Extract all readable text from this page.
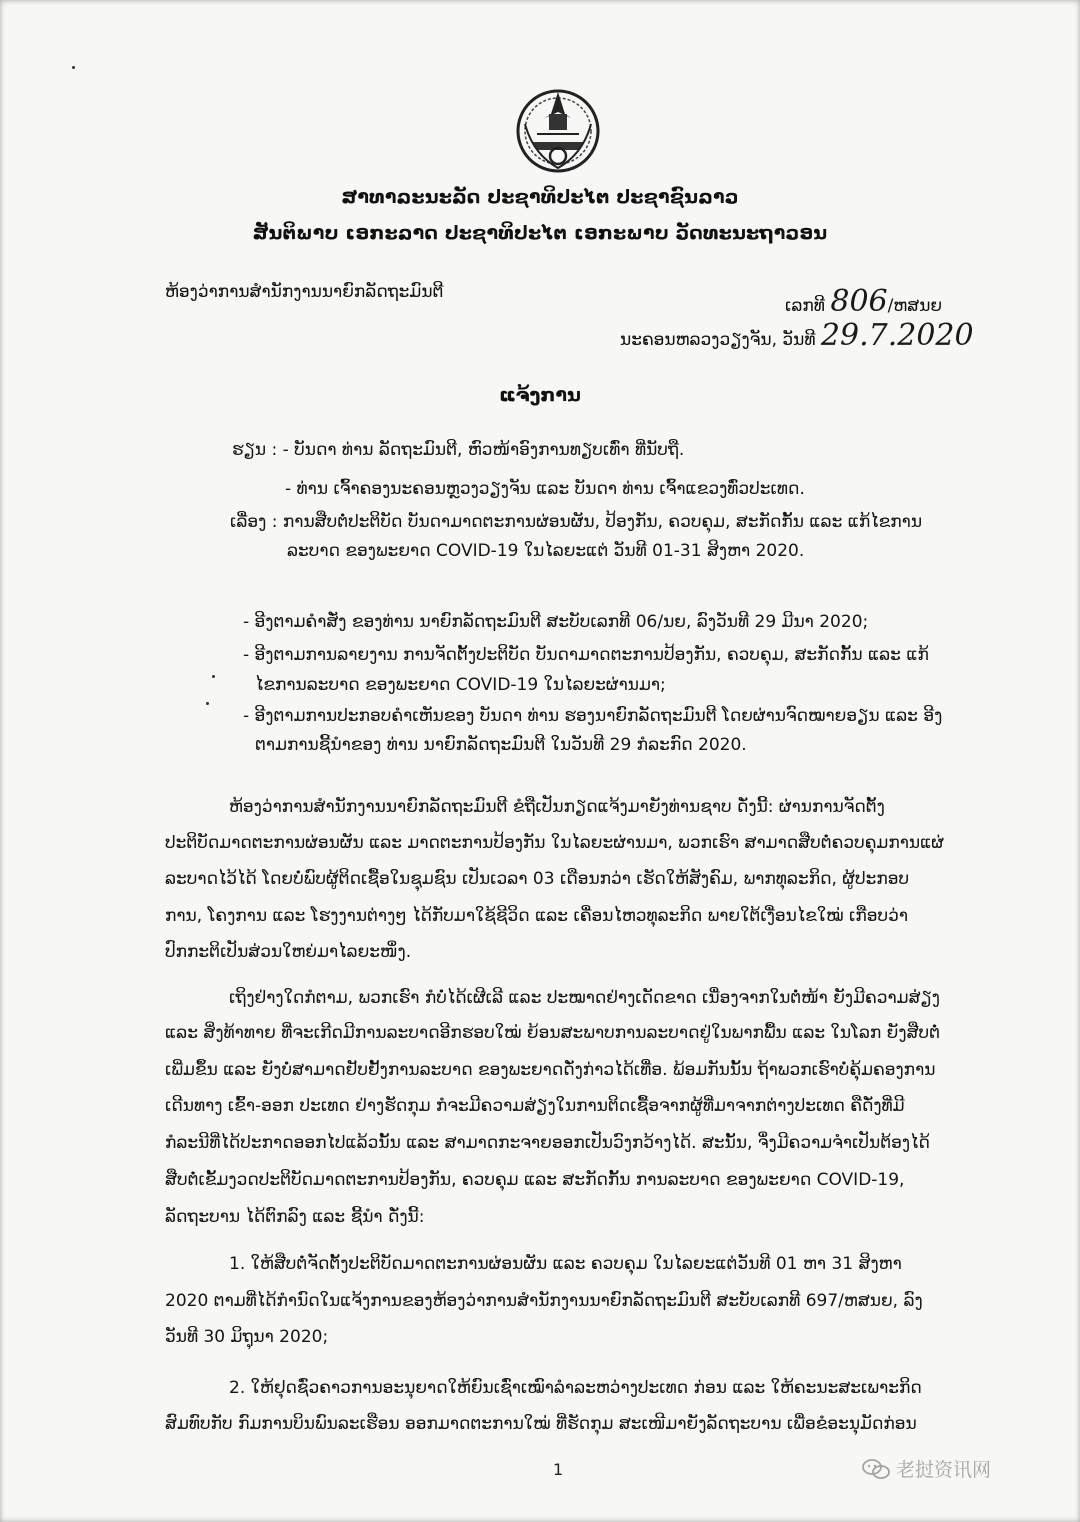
ສາທາລະນະລັດ ປະຊາທິປະໄຕ ປະຊາຊົນລາວ
ສັນຕິພາບ ເອກະລາດ ປະຊາທິປະໄຕ ເອກະພາບ ວັດທະນະຖາວອນ
ຫ້ອງວ່າການສຳນັກງານນາຍົກລັດຖະມົນຕີ
ເລກທີ 806/ຫສນຍ
ນະຄອນຫລວງວຽງຈັນ, ວັນທີ 29.7.2020
ແຈ້ງການ
ຮຽນ : - ບັນດາ ທ່ານ ລັດຖະມົນຕີ, ຫົວໜ້າອົງການທຽບເທົ່າ ທີ່ນັບຖື.
- ທ່ານ ເຈົ້າຄອງນະຄອນຫຼວງວຽງຈັນ ແລະ ບັນດາ ທ່ານ ເຈົ້າແຂວງທົ່ວປະເທດ.
ເລື່ອງ : ການສືບຕໍ່ປະຕິບັດ ບັນດາມາດຕະການຜ່ອນຜັນ, ປ້ອງກັນ, ຄວບຄຸມ, ສະກັດກັ້ນ ແລະ ແກ້ໄຂການ
ລະບາດ ຂອງພະຍາດ COVID-19 ໃນໄລຍະແຕ່ ວັນທີ 01-31 ສິງຫາ 2020.
- ອີງຕາມຄຳສັ່ງ ຂອງທ່ານ ນາຍົກລັດຖະມົນຕີ ສະບັບເລກທີ 06/ນຍ, ລົງວັນທີ 29 ມີນາ 2020;
- ອີງຕາມການລາຍງານ ການຈັດຕັ້ງປະຕິບັດ ບັນດາມາດຕະການປ້ອງກັນ, ຄວບຄຸມ, ສະກັດກັ້ນ ແລະ ແກ້
ໄຂການລະບາດ ຂອງພະຍາດ COVID-19 ໃນໄລຍະຜ່ານມາ;
- ອີງຕາມການປະກອບຄຳເຫັນຂອງ ບັນດາ ທ່ານ ຮອງນາຍົກລັດຖະມົນຕີ ໂດຍຜ່ານຈົດໝາຍອຽນ ແລະ ອີງ
ຕາມການຊີ້ນຳຂອງ ທ່ານ ນາຍົກລັດຖະມົນຕີ ໃນວັນທີ 29 ກໍລະກົດ 2020.
ຫ້ອງວ່າການສຳນັກງານນາຍົກລັດຖະມົນຕີ ຂໍຖືເປັນກຽດແຈ້ງມາຍັງທ່ານຊາບ ດັ່ງນີ້: ຜ່ານການຈັດຕັ້ງ
ປະຕິບັດມາດຕະການຜ່ອນຜັນ ແລະ ມາດຕະການປ້ອງກັນ ໃນໄລຍະຜ່ານມາ, ພວກເຮົາ ສາມາດສືບຕໍ່ຄວບຄຸມການແຜ່
ລະບາດໄວ້ໄດ້ ໂດຍບໍ່ພົບຜູ້ຕິດເຊື້ອໃນຊຸມຊົນ ເປັນເວລາ 03 ເດືອນກວ່າ ເຮັດໃຫ້ສັງຄົມ, ພາກທຸລະກິດ, ຜູ້ປະກອບ
ການ, ໂຄງການ ແລະ ໂຮງງານຕ່າງໆ ໄດ້ກັບມາໃຊ້ຊີວິດ ແລະ ເຄື່ອນໄຫວທຸລະກິດ ພາຍໃຕ້ເງື່ອນໄຂໃໝ່ ເກືອບວ່າ
ປົກກະຕິເປັນສ່ວນໃຫຍ່ມາໄລຍະໜຶ່ງ.
ເຖິງຢ່າງໃດກໍຕາມ, ພວກເຮົາ ກໍບໍ່ໄດ້ເຜີເລີ ແລະ ປະໝາດຢ່າງເດັດຂາດ ເນື່ອງຈາກໃນຕໍ່ໜ້າ ຍັງມີຄວາມສ່ຽງ
ແລະ ສິ່ງທ້າທາຍ ທີ່ຈະເກີດມີການລະບາດອີກຮອບໃໝ່ ຍ້ອນສະພາບການລະບາດຢູ່ໃນພາກພື້ນ ແລະ ໃນໂລກ ຍັງສືບຕໍ່
ເພີ່ມຂຶ້ນ ແລະ ຍັງບໍ່ສາມາດຢັບຢັ້ງການລະບາດ ຂອງພະຍາດດັ່ງກ່າວໄດ້ເທື່ອ. ພ້ອມກັນນັ້ນ ຖ້າພວກເຮົາບໍ່ຄຸ້ມຄອງການ
ເດີນທາງ ເຂົ້າ-ອອກ ປະເທດ ຢ່າງຮັດກຸມ ກໍຈະມີຄວາມສ່ຽງໃນການຕິດເຊື້ອຈາກຜູ້ທີ່ມາຈາກຕ່າງປະເທດ ຄືດັ່ງທີ່ມີ
ກໍລະນີທີ່ໄດ້ປະກາດອອກໄປແລ້ວນັ້ນ ແລະ ສາມາດກະຈາຍອອກເປັນວົງກວ້າງໄດ້. ສະນັ້ນ, ຈຶ່ງມີຄວາມຈຳເປັນຕ້ອງໄດ້
ສືບຕໍ່ເຂັ້ມງວດປະຕິບັດມາດຕະການປ້ອງກັນ, ຄວບຄຸມ ແລະ ສະກັດກັ້ນ ການລະບາດ ຂອງພະຍາດ COVID-19,
ລັດຖະບານ ໄດ້ຕົກລົງ ແລະ ຊີ້ນຳ ດັ່ງນີ້:
1. ໃຫ້ສືບຕໍ່ຈັດຕັ້ງປະຕິບັດມາດຕະການຜ່ອນຜັນ ແລະ ຄວບຄຸມ ໃນໄລຍະແຕ່ວັນທີ 01 ຫາ 31 ສິງຫາ
2020 ຕາມທີ່ໄດ້ກຳນົດໃນແຈ້ງການຂອງຫ້ອງວ່າການສຳນັກງານນາຍົກລັດຖະມົນຕີ ສະບັບເລກທີ 697/ຫສນຍ, ລົງ
ວັນທີ 30 ມິຖຸນາ 2020;
2. ໃຫ້ຢຸດຊົ່ວຄາວການອະນຸຍາດໃຫ້ຍົນເຊົ່າເໝົາລຳລະຫວ່າງປະເທດ ກ່ອນ ແລະ ໃຫ້ຄະນະສະເພາະກິດ
ສົມທົບກັບ ກົມການບິນພົນລະເຮືອນ ອອກມາດຕະການໃໝ່ ທີ່ຮັດກຸມ ສະເໜີມາຍັງລັດຖະບານ ເພື່ອຂໍອະນຸມັດກ່ອນ
1	老挝资讯网
